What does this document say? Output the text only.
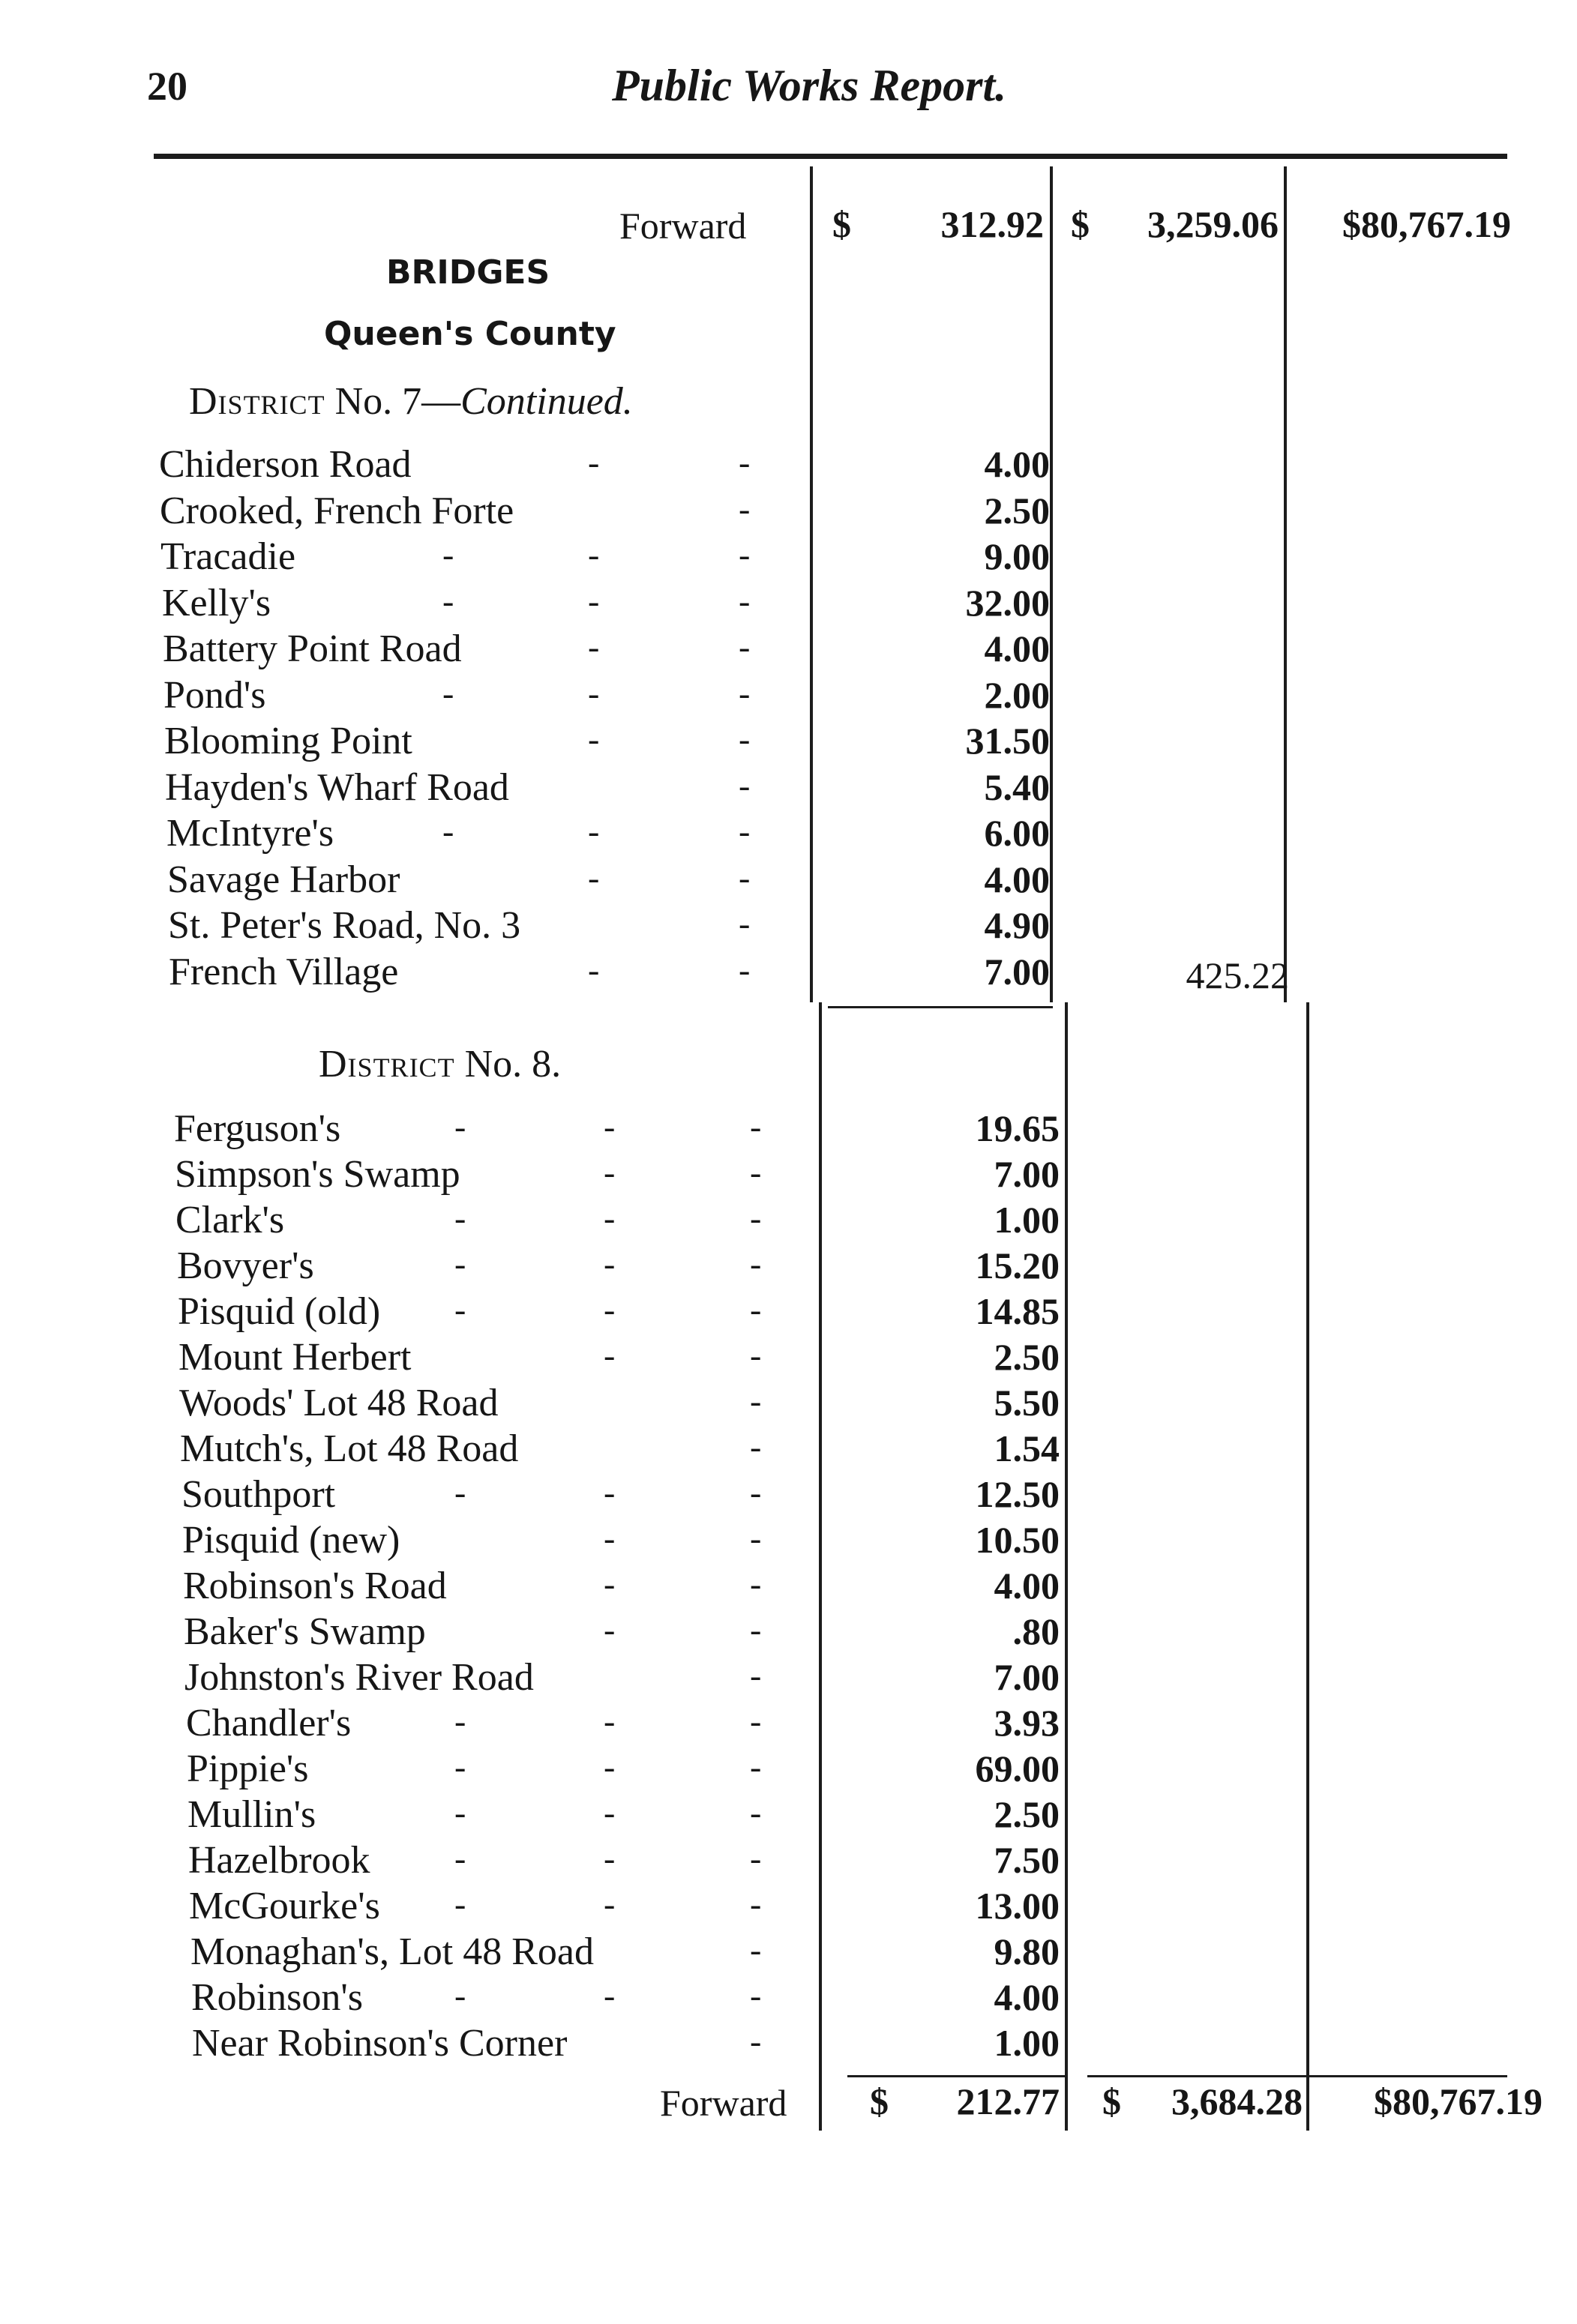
20	Public Works Report.
Forward $ 312.92 $ 3,259.06 $80,767.19
BRIDGES
Queen's County
District No. 7—Continued.
Chiderson Road	-	-	4.00
Crooked, French Forte	-	2.50
Tracadie	-	-	-	9.00
Kelly's	-	-	-	32.00
Battery Point Road	-	-	4.00
Pond's	-	-	-	2.00
Blooming Point	-	-	31.50
Hayden's Wharf Road	-	5.40
McIntyre's	-	-	-	6.00
Savage Harbor	-	-	4.00
St. Peter's Road, No. 3	-	4.90
French Village	-	-	7.00	425.22
District No. 8.
Ferguson's	-	-	-	19.65
Simpson's Swamp	-	-	7.00
Clark's	-	-	-	1.00
Bovyer's	-	-	-	15.20
Pisquid (old) -	-	-	14.85
Mount Herbert	-	-	2.50
Woods' Lot 48 Road	-	5.50
Mutch's, Lot 48 Road	-	1.54
Southport	-	-	-	12.50
Pisquid (new)	-	-	10.50
Robinson's Road	-	-	4.00
Baker's Swamp	-	-	.80
Johnston's River Road	-	7.00
Chandler's	-	-	-	3.93
Pippie's	-	-	-	69.00
Mullin's	-	-	-	2.50
Hazelbrook -	-	-	7.50
McGourke's -	-	-	13.00
Monaghan's, Lot 48 Road	-	9.80
Robinson's	-	-	-	4.00
Near Robinson's Corner	-	1.00
Forward $ 212.77 $ 3,684.28 $80,767.19
